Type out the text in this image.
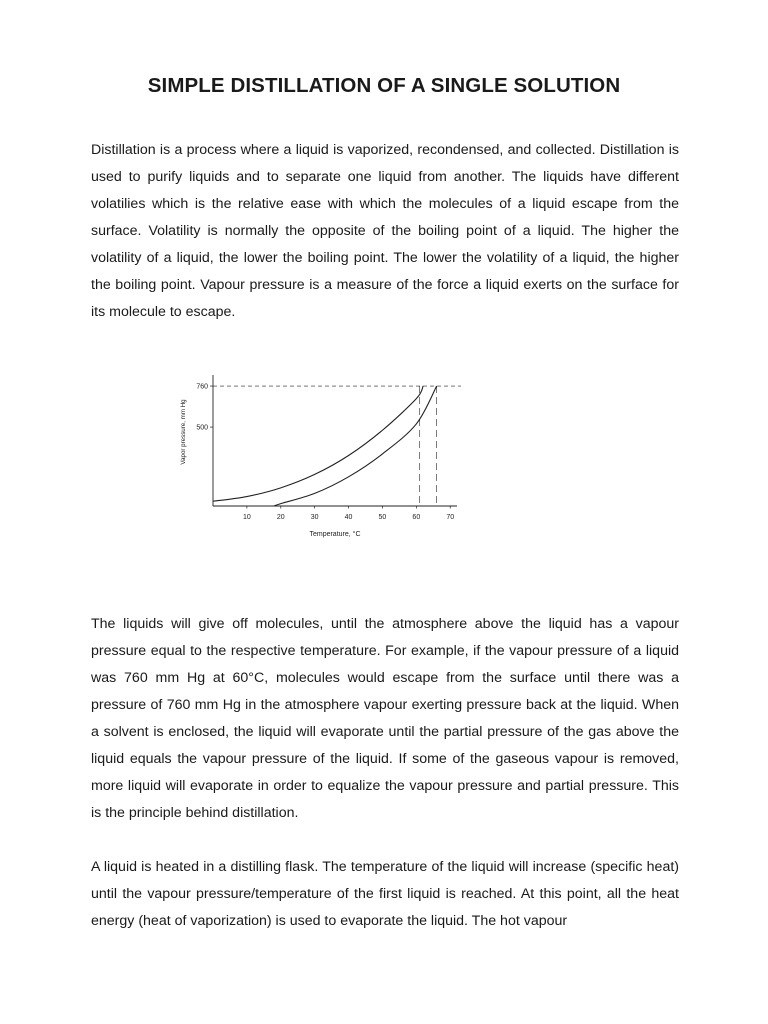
SIMPLE DISTILLATION OF A SINGLE SOLUTION

Distillation is a process where a liquid is vaporized, recondensed, and collected. Distillation is used to purify liquids and to separate one liquid from another. The liquids have different volatilies which is the relative ease with which the molecules of a liquid escape from the surface. Volatility is normally the opposite of the boiling point of a liquid. The higher the volatility of a liquid, the lower the boiling point. The lower the volatility of a liquid, the higher the boiling point. Vapour pressure is a measure of the force a liquid exerts on the surface for its molecule to escape.

10	20	30	40	50	60	70
500
760
Temperature, °C
Vapor pressure, mm Hg

The liquids will give off molecules, until the atmosphere above the liquid has a vapour pressure equal to the respective temperature. For example, if the vapour pressure of a liquid was 760 mm Hg at 60°C, molecules would escape from the surface until there was a pressure of 760 mm Hg in the atmosphere vapour exerting pressure back at the liquid. When a solvent is enclosed, the liquid will evaporate until the partial pressure of the gas above the liquid equals the vapour pressure of the liquid. If some of the gaseous vapour is removed, more liquid will evaporate in order to equalize the vapour pressure and partial pressure. This is the principle behind distillation.

A liquid is heated in a distilling flask. The temperature of the liquid will increase (specific heat) until the vapour pressure/temperature of the first liquid is reached. At this point, all the heat energy (heat of vaporization) is used to evaporate the liquid. The hot vapour
